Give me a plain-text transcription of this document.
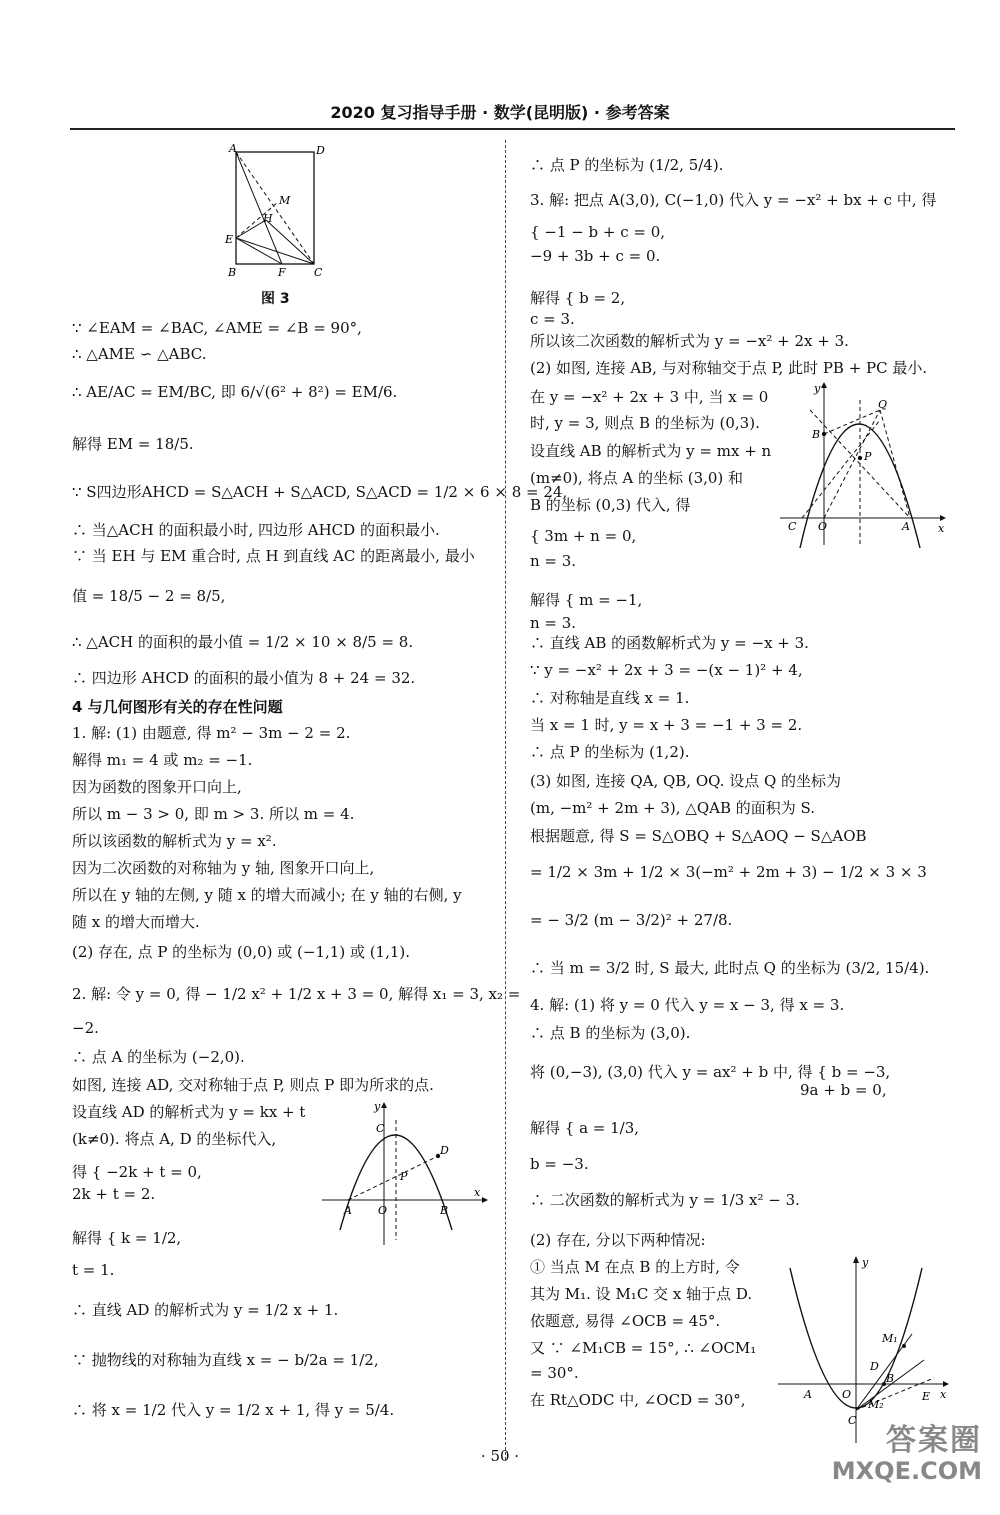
2020 复习指导手册 · 数学(昆明版) · 参考答案
A	D
B	C
E
F
H
M
图 3
∵ ∠EAM = ∠BAC, ∠AME = ∠B = 90°,
∴ △AME ∽ △ABC.
∴ AE/AC = EM/BC, 即 6/√(6² + 8²) = EM/6.
解得 EM = 18/5.
∵ S四边形AHCD = S△ACH + S△ACD, S△ACD = 1/2 × 6 × 8 = 24,
∴ 当△ACH 的面积最小时, 四边形 AHCD 的面积最小.
∵ 当 EH 与 EM 重合时, 点 H 到直线 AC 的距离最小, 最小
值 = 18/5 − 2 = 8/5,
∴ △ACH 的面积的最小值 = 1/2 × 10 × 8/5 = 8.
∴ 四边形 AHCD 的面积的最小值为 8 + 24 = 32.
4 与几何图形有关的存在性问题
1. 解: (1) 由题意, 得 m² − 3m − 2 = 2.
解得 m₁ = 4 或 m₂ = −1.
因为函数的图象开口向上,
所以 m − 3 > 0, 即 m > 3. 所以 m = 4.
所以该函数的解析式为 y = x².
因为二次函数的对称轴为 y 轴, 图象开口向上,
所以在 y 轴的左侧, y 随 x 的增大而减小; 在 y 轴的右侧, y
随 x 的增大而增大.
(2) 存在, 点 P 的坐标为 (0,0) 或 (−1,1) 或 (1,1).
2. 解: 令 y = 0, 得 − 1/2 x² + 1/2 x + 3 = 0, 解得 x₁ = 3, x₂ =
−2.
∴ 点 A 的坐标为 (−2,0).
如图, 连接 AD, 交对称轴于点 P, 则点 P 即为所求的点.
设直线 AD 的解析式为 y = kx + t
(k≠0). 将点 A, D 的坐标代入,
得 { −2k + t = 0,
2k + t = 2.
解得 { k = 1/2,
t = 1.
∴ 直线 AD 的解析式为 y = 1/2 x + 1.
∵ 抛物线的对称轴为直线 x = − b/2a = 1/2,
∴ 将 x = 1/2 代入 y = 1/2 x + 1, 得 y = 5/4.
y
x
C
D
P
A O	B
∴ 点 P 的坐标为 (1/2, 5/4).
3. 解: 把点 A(3,0), C(−1,0) 代入 y = −x² + bx + c 中, 得
{ −1 − b + c = 0,
−9 + 3b + c = 0.
解得 { b = 2,
c = 3.
所以该二次函数的解析式为 y = −x² + 2x + 3.
(2) 如图, 连接 AB, 与对称轴交于点 P, 此时 PB + PC 最小.
在 y = −x² + 2x + 3 中, 当 x = 0
时, y = 3, 则点 B 的坐标为 (0,3).
设直线 AB 的解析式为 y = mx + n
(m≠0), 将点 A 的坐标 (3,0) 和
B 的坐标 (0,3) 代入, 得
{ 3m + n = 0,
n = 3.
解得 { m = −1,
n = 3.
∴ 直线 AB 的函数解析式为 y = −x + 3.
∵ y = −x² + 2x + 3 = −(x − 1)² + 4,
∴ 对称轴是直线 x = 1.
当 x = 1 时, y = x + 3 = −1 + 3 = 2.
∴ 点 P 的坐标为 (1,2).
(3) 如图, 连接 QA, QB, OQ. 设点 Q 的坐标为
(m, −m² + 2m + 3), △QAB 的面积为 S.
根据题意, 得 S = S△OBQ + S△AOQ − S△AOB
= 1/2 × 3m + 1/2 × 3(−m² + 2m + 3) − 1/2 × 3 × 3
= − 3/2 (m − 3/2)² + 27/8.
∴ 当 m = 3/2 时, S 最大, 此时点 Q 的坐标为 (3/2, 15/4).
4. 解: (1) 将 y = 0 代入 y = x − 3, 得 x = 3.
∴ 点 B 的坐标为 (3,0).
将 (0,−3), (3,0) 代入 y = ax² + b 中, 得 { b = −3,
9a + b = 0,
解得 { a = 1/3,
b = −3.
∴ 二次函数的解析式为 y = 1/3 x² − 3.
(2) 存在, 分以下两种情况:
① 当点 M 在点 B 的上方时, 令
其为 M₁. 设 M₁C 交 x 轴于点 D.
依题意, 易得 ∠OCB = 45°.
又 ∵ ∠M₁CB = 15°, ∴ ∠OCM₁
= 30°.
在 Rt△ODC 中, ∠OCD = 30°,
y
x
Q
B
P
C O	A
y
M₁
D
A	O
B
E x
C
M₂
· 50 ·	答案圈
MXQE.COM
